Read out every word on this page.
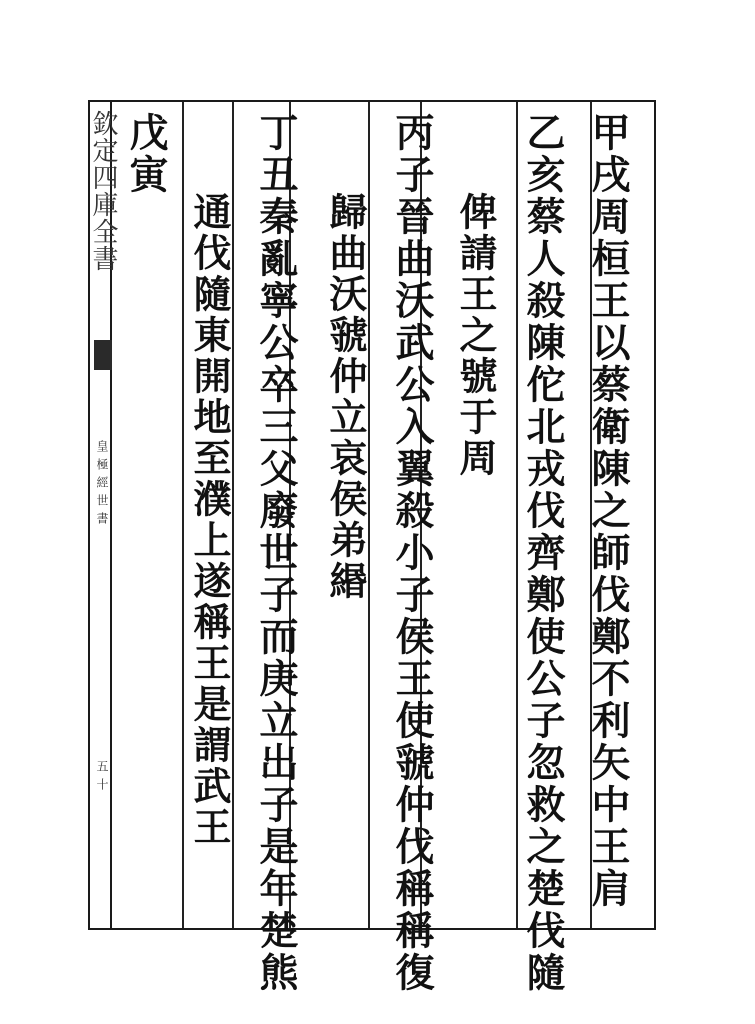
甲戌周桓王以蔡衛陳之師伐鄭不利矢中王肩
乙亥蔡人殺陳佗北戎伐齊鄭使公子忽救之楚伐隨
俾請王之號于周
丙子晉曲沃武公入翼殺小子侯王使虢仲伐稱稱復
歸曲沃虢仲立哀侯弟緡
丁丑秦亂寧公卒三父廢世子而庚立出子是年楚熊
通伐隨東開地至濮上遂稱王是謂武王
戊寅
欽定四庫全書
皇極經世書
五十
